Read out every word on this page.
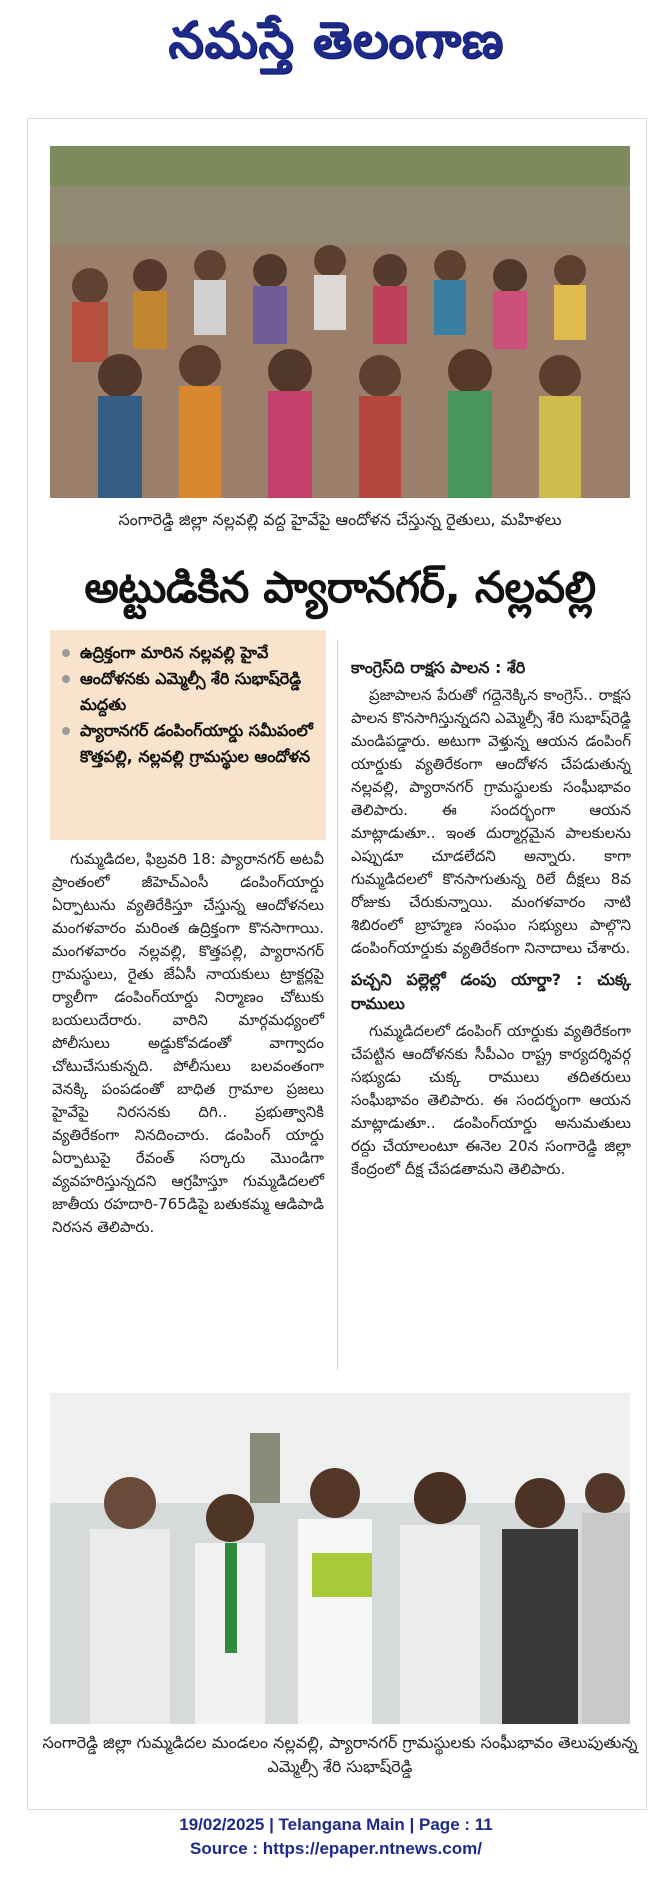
నమస్తే తెలంగాణ
సంగారెడ్డి జిల్లా నల్లవల్లి వద్ద హైవేపై ఆందోళన చేస్తున్న రైతులు, మహిళలు
అట్టుడికిన ప్యారానగర్, నల్లవల్లి
ఉద్రిక్తంగా మారిన నల్లవల్లి హైవే
ఆందోళనకు ఎమ్మెల్సీ శేరి సుభాష్‌రెడ్డి మద్దతు
ప్యారానగర్ డంపింగ్‌యార్డు సమీపంలో కొత్తపల్లి, నల్లవల్లి గ్రామస్థుల ఆందోళన

గుమ్మడిదల, ఫిబ్రవరి 18: ప్యారానగర్ అటవీ ప్రాంతంలో జీహెచ్‌ఎంసీ డంపింగ్‌యార్డు ఏర్పాటును వ్యతిరేకిస్తూ చేస్తున్న ఆందోళనలు మంగళవారం మరింత ఉద్రిక్తంగా కొనసాగాయి. మంగళవారం నల్లవల్లి, కొత్తపల్లి, ప్యారానగర్ గ్రామస్థులు, రైతు జేఏసీ నాయకులు ట్రాక్టర్లపై ర్యాలీగా డంపింగ్‌యార్డు నిర్మాణం చోటుకు బయలుదేరారు. వారిని మార్గమధ్యంలో పోలీసులు అడ్డుకోవడంతో వాగ్వాదం చోటుచేసుకున్నది. పోలీసులు బలవంతంగా వెనక్కి పంపడంతో బాధిత గ్రామాల ప్రజలు హైవేపై నిరసనకు దిగి.. ప్రభుత్వానికి వ్యతిరేకంగా నినదించారు. డంపింగ్ యార్డు ఏర్పాటుపై రేవంత్ సర్కారు మొండిగా వ్యవహరిస్తున్నదని ఆగ్రహిస్తూ గుమ్మడిదలలో జాతీయ రహదారి-765డిపై బతుకమ్మ ఆడిపాడి నిరసన తెలిపారు.

కాంగ్రెస్‌ది రాక్షస పాలన : శేరి

ప్రజాపాలన పేరుతో గద్దెనెక్కిన కాంగ్రెస్.. రాక్షస పాలన కొనసాగిస్తున్నదని ఎమ్మెల్సీ శేరి సుభాష్‌రెడ్డి మండిపడ్డారు. అటుగా వెళ్తున్న ఆయన డంపింగ్ యార్డుకు వ్యతిరేకంగా ఆందోళన చేపడుతున్న నల్లవల్లి, ప్యారానగర్ గ్రామస్థులకు సంఘీభావం తెలిపారు. ఈ సందర్భంగా ఆయన మాట్లాడుతూ.. ఇంత దుర్మార్గమైన పాలకులను ఎప్పుడూ చూడలేదని అన్నారు. కాగా గుమ్మడిదలలో కొనసాగుతున్న రిలే దీక్షలు 8వ రోజుకు చేరుకున్నాయి. మంగళవారం నాటి శిబిరంలో బ్రాహ్మణ సంఘం సభ్యులు పాల్గొని డంపింగ్‌యార్డుకు వ్యతిరేకంగా నినాదాలు చేశారు.

పచ్చని పల్లెల్లో డంపు యార్డా? : చుక్క రాములు

గుమ్మడిదలలో డంపింగ్ యార్డుకు వ్యతిరేకంగా చేపట్టిన ఆందోళనకు సీపీఎం రాష్ట్ర కార్యదర్శివర్గ సభ్యుడు చుక్క రాములు తదితరులు సంఘీభావం తెలిపారు. ఈ సందర్భంగా ఆయన మాట్లాడుతూ.. డంపింగ్‌యార్డు అనుమతులు రద్దు చేయాలంటూ ఈనెల 20న సంగారెడ్డి జిల్లా కేంద్రంలో దీక్ష చేపడతామని తెలిపారు.

సంగారెడ్డి జిల్లా గుమ్మడిదల మండలం నల్లవల్లి, ప్యారానగర్ గ్రామస్థులకు సంఘీభావం తెలుపుతున్న ఎమ్మెల్సీ శేరి సుభాష్‌రెడ్డి
19/02/2025 | Telangana Main | Page : 11
Source : https://epaper.ntnews.com/
